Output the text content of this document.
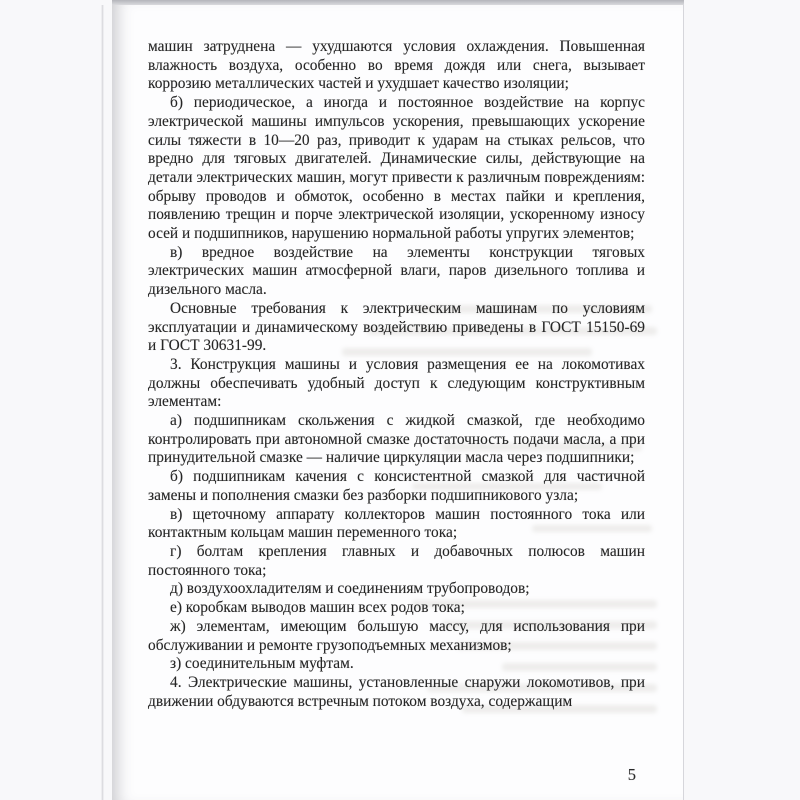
машин затруднена — ухудшаются условия охлаждения. Повышенная влажность воздуха, особенно во время дождя или снега, вызывает коррозию металлических частей и ухудшает качество изоляции;

б) периодическое, а иногда и постоянное воздействие на корпус электрической машины импульсов ускорения, превышающих ускорение силы тяжести в 10—20 раз, приводит к ударам на стыках рельсов, что вредно для тяговых двигателей. Динамические силы, действующие на детали электрических машин, могут привести к различным повреждениям: обрыву проводов и обмоток, особенно в местах пайки и крепления, появлению трещин и порче электрической изоляции, ускоренному износу осей и подшипников, нарушению нормальной работы упругих элементов;

в) вредное воздействие на элементы конструкции тяговых электрических машин атмосферной влаги, паров дизельного топлива и дизельного масла.

Основные требования к электрическим машинам по условиям эксплуатации и динамическому воздействию приведены в ГОСТ 15150-69 и ГОСТ 30631-99.

3. Конструкция машины и условия размещения ее на локомотивах должны обеспечивать удобный доступ к следующим конструктивным элементам:

а) подшипникам скольжения с жидкой смазкой, где необходимо контролировать при автономной смазке достаточность подачи масла, а при принудительной смазке — наличие циркуляции масла через подшипники;

б) подшипникам качения с консистентной смазкой для частичной замены и пополнения смазки без разборки подшипникового узла;

в) щеточному аппарату коллекторов машин постоянного тока или контактным кольцам машин переменного тока;

г) болтам крепления главных и добавочных полюсов машин постоянного тока;

д) воздухоохладителям и соединениям трубопроводов;

е) коробкам выводов машин всех родов тока;

ж) элементам, имеющим большую массу, для использования при обслуживании и ремонте грузоподъемных механизмов;

з) соединительным муфтам.

4. Электрические машины, установленные снаружи локомотивов, при движении обдуваются встречным потоком воздуха, содержащим

5
